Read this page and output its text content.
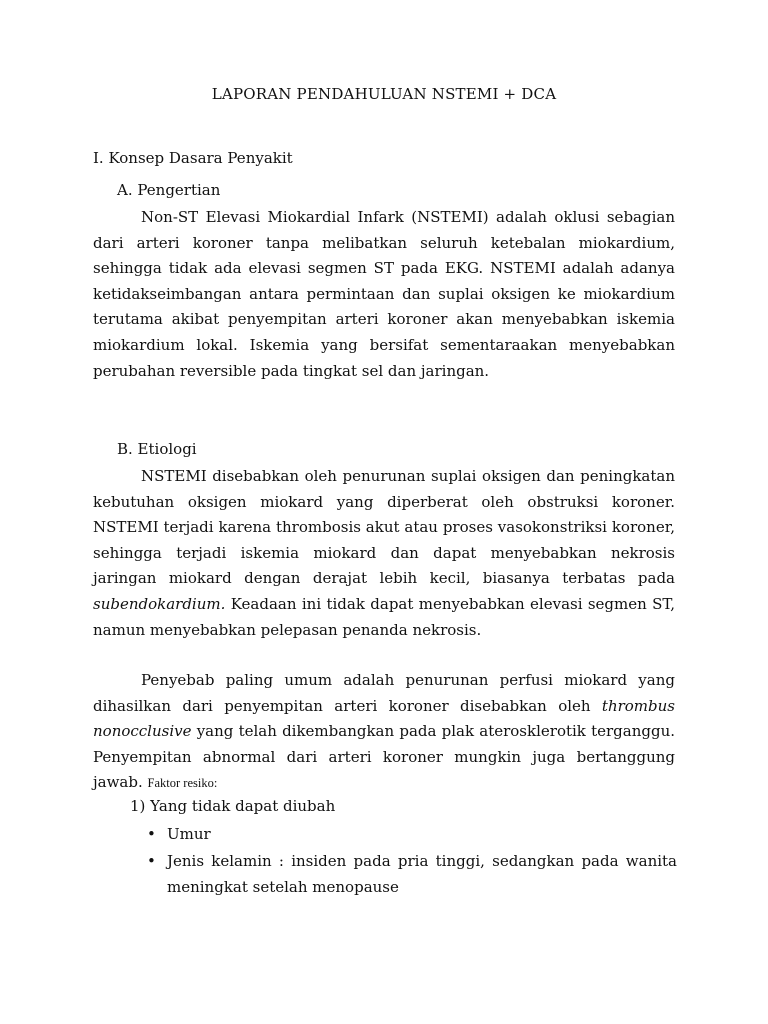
LAPORAN PENDAHULUAN NSTEMI + DCA
I. Konsep Dasara Penyakit
A. Pengertian

Non-ST Elevasi Miokardial Infark (NSTEMI) adalah oklusi sebagian dari arteri koroner tanpa melibatkan seluruh ketebalan miokardium, sehingga tidak ada elevasi segmen ST pada EKG. NSTEMI adalah adanya ketidakseimbangan antara permintaan dan suplai oksigen ke miokardium terutama akibat penyempitan arteri koroner akan menyebabkan iskemia miokardium lokal. Iskemia yang bersifat sementaraakan menyebabkan perubahan reversible pada tingkat sel dan jaringan.

B. Etiologi

NSTEMI disebabkan oleh penurunan suplai oksigen dan peningkatan kebutuhan oksigen miokard yang diperberat oleh obstruksi koroner. NSTEMI terjadi karena thrombosis akut atau proses vasokonstriksi koroner, sehingga terjadi iskemia miokard dan dapat menyebabkan nekrosis jaringan miokard dengan derajat lebih kecil, biasanya terbatas pada subendokardium. Keadaan ini tidak dapat menyebabkan elevasi segmen ST, namun menyebabkan pelepasan penanda nekrosis.

Penyebab paling umum adalah penurunan perfusi miokard yang dihasilkan dari penyempitan arteri koroner disebabkan oleh thrombus nonocclusive yang telah dikembangkan pada plak aterosklerotik terganggu. Penyempitan abnormal dari arteri koroner mungkin juga bertanggung jawab. Faktor resiko:

1) Yang tidak dapat diubah
• Umur
• Jenis kelamin : insiden pada pria tinggi, sedangkan pada wanita meningkat setelah menopause
